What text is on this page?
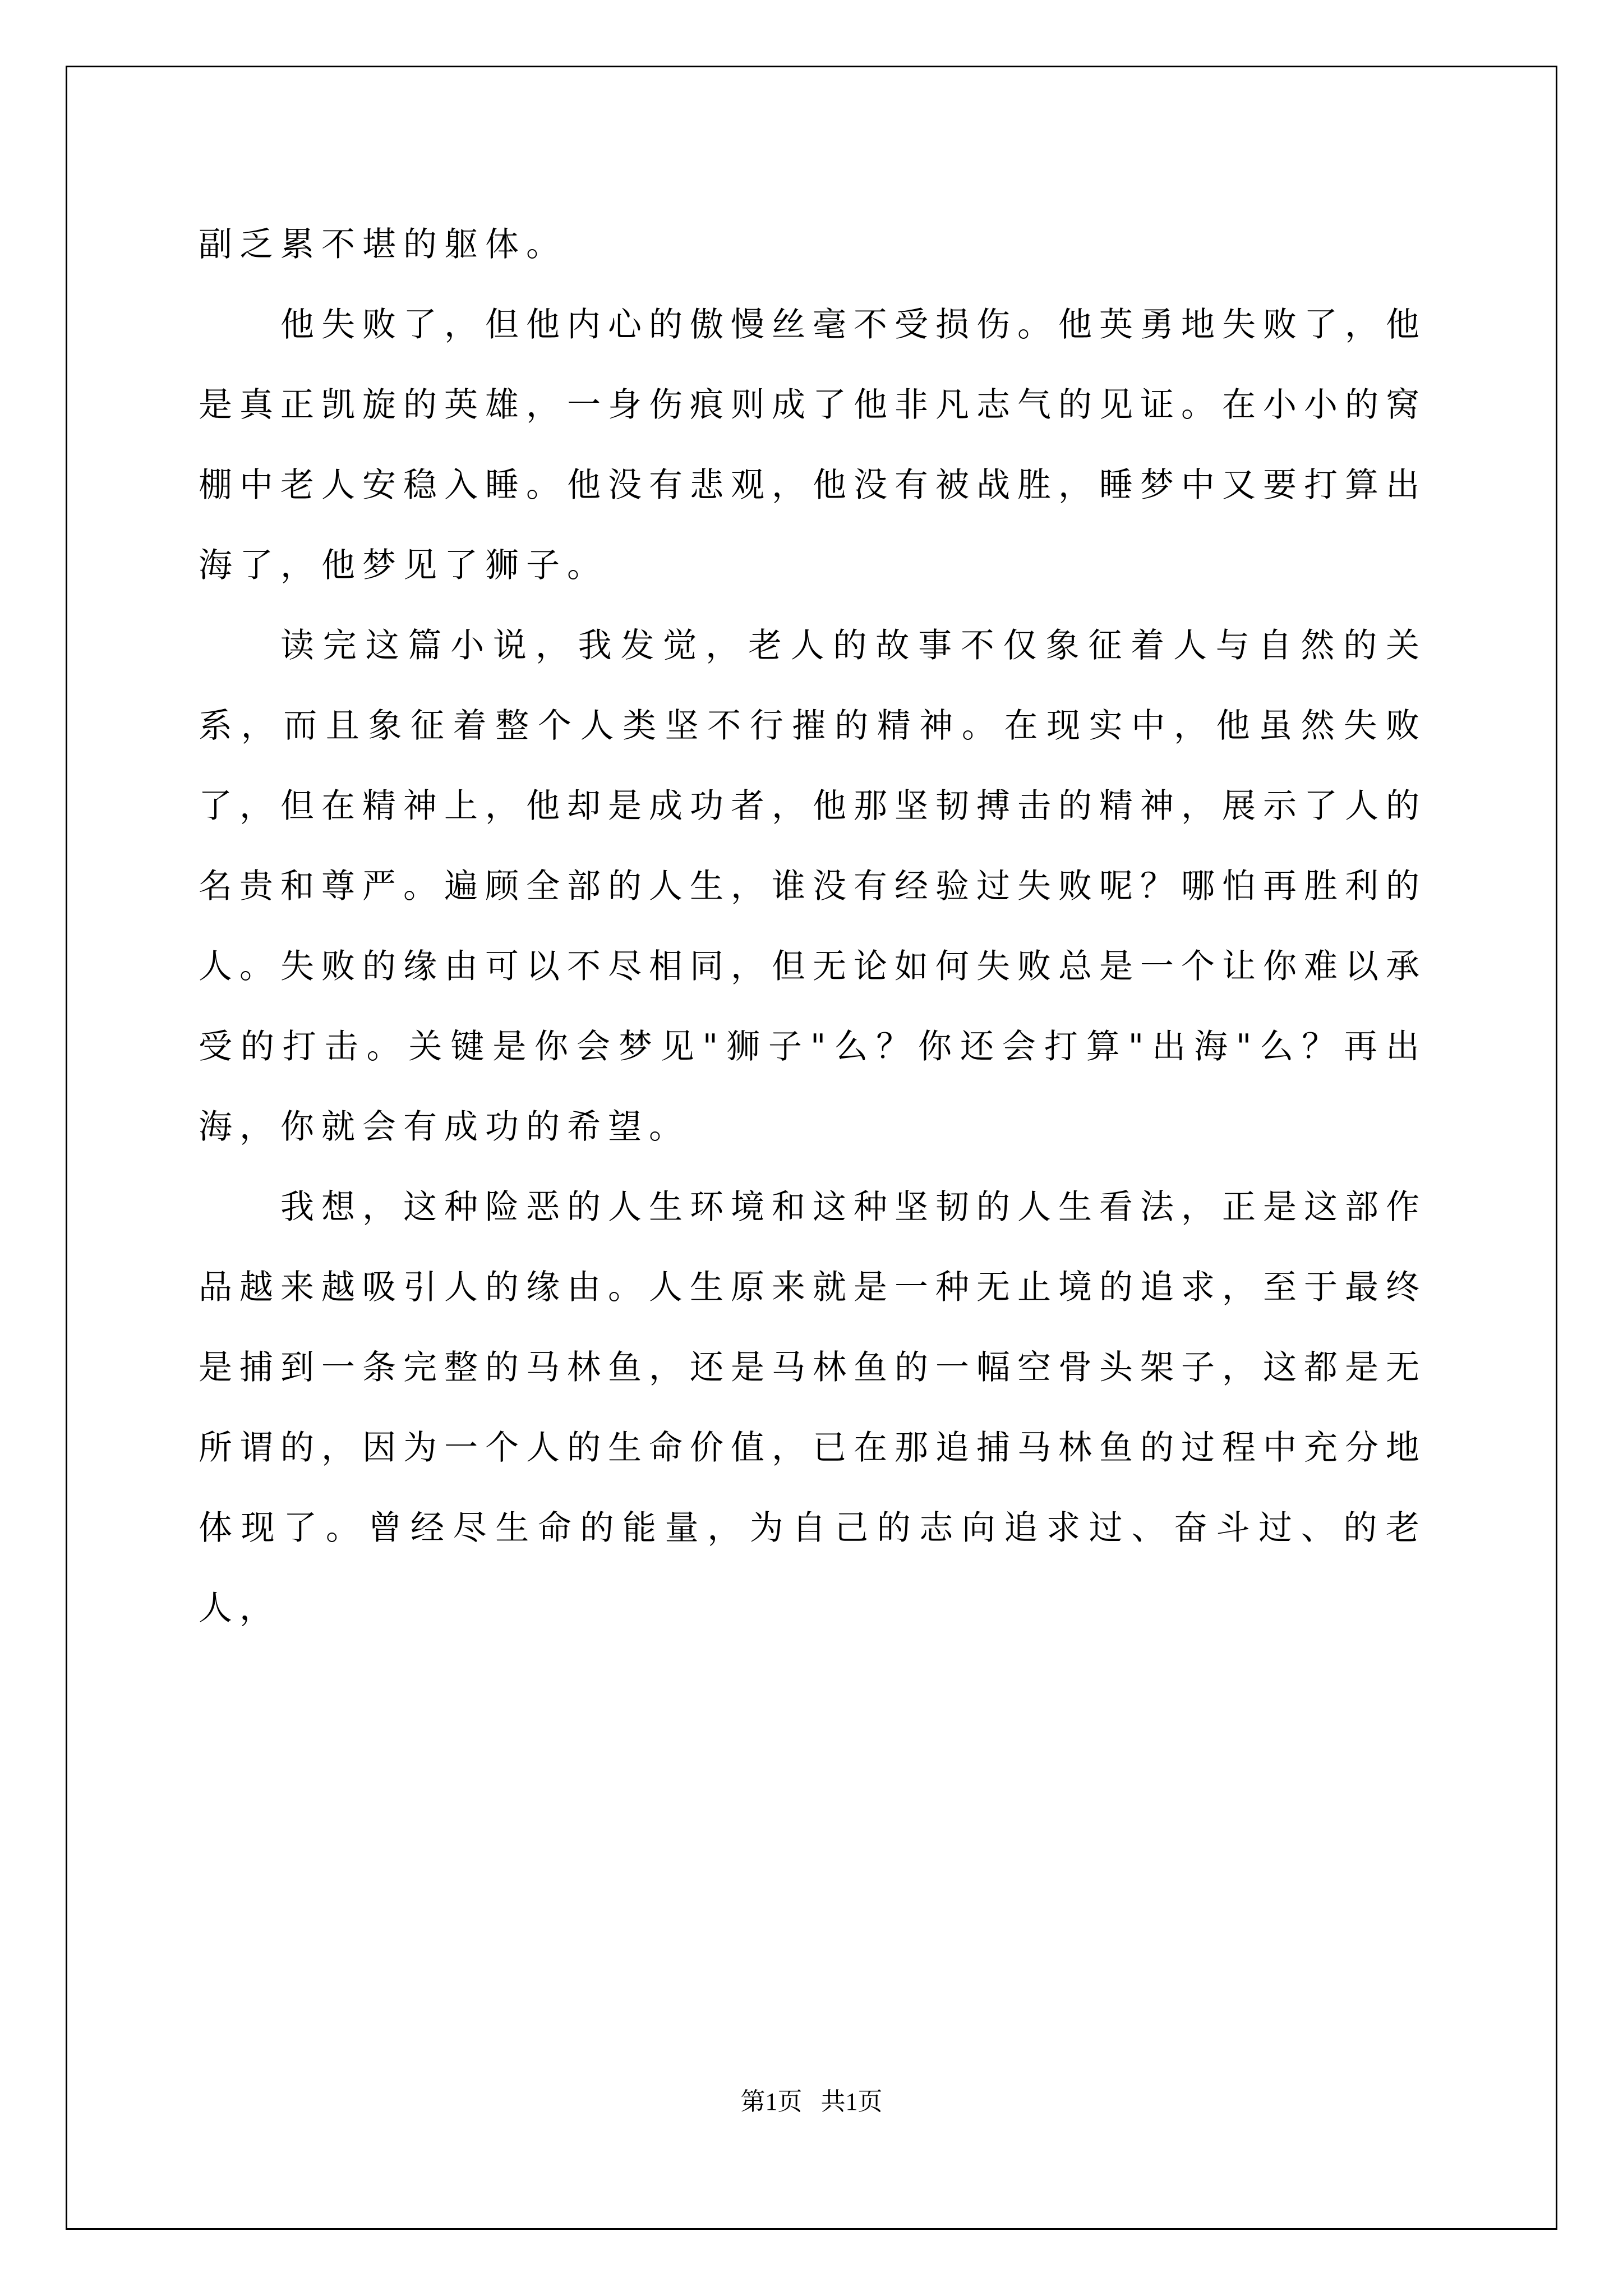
副乏累不堪的躯体。

他失败了，但他内心的傲慢丝毫不受损伤。他英勇地失败了，他是真正凯旋的英雄，一身伤痕则成了他非凡志气的见证。在小小的窝棚中老人安稳入睡。他没有悲观，他没有被战胜，睡梦中又要打算出海了，他梦见了狮子。

读完这篇小说，我发觉，老人的故事不仅象征着人与自然的关系，而且象征着整个人类坚不行摧的精神。在现实中，他虽然失败了，但在精神上，他却是成功者，他那坚韧搏击的精神，展示了人的名贵和尊严。遍顾全部的人生，谁没有经验过失败呢？哪怕再胜利的人。失败的缘由可以不尽相同，但无论如何失败总是一个让你难以承受的打击。关键是你会梦见"狮子"么？你还会打算"出海"么？再出海，你就会有成功的希望。

我想，这种险恶的人生环境和这种坚韧的人生看法，正是这部作品越来越吸引人的缘由。人生原来就是一种无止境的追求，至于最终是捕到一条完整的马林鱼，还是马林鱼的一幅空骨头架子，这都是无所谓的，因为一个人的生命价值，已在那追捕马林鱼的过程中充分地体现了。曾经尽生命的能量，为自己的志向追求过、奋斗过、的老人，

第1页   共1页
